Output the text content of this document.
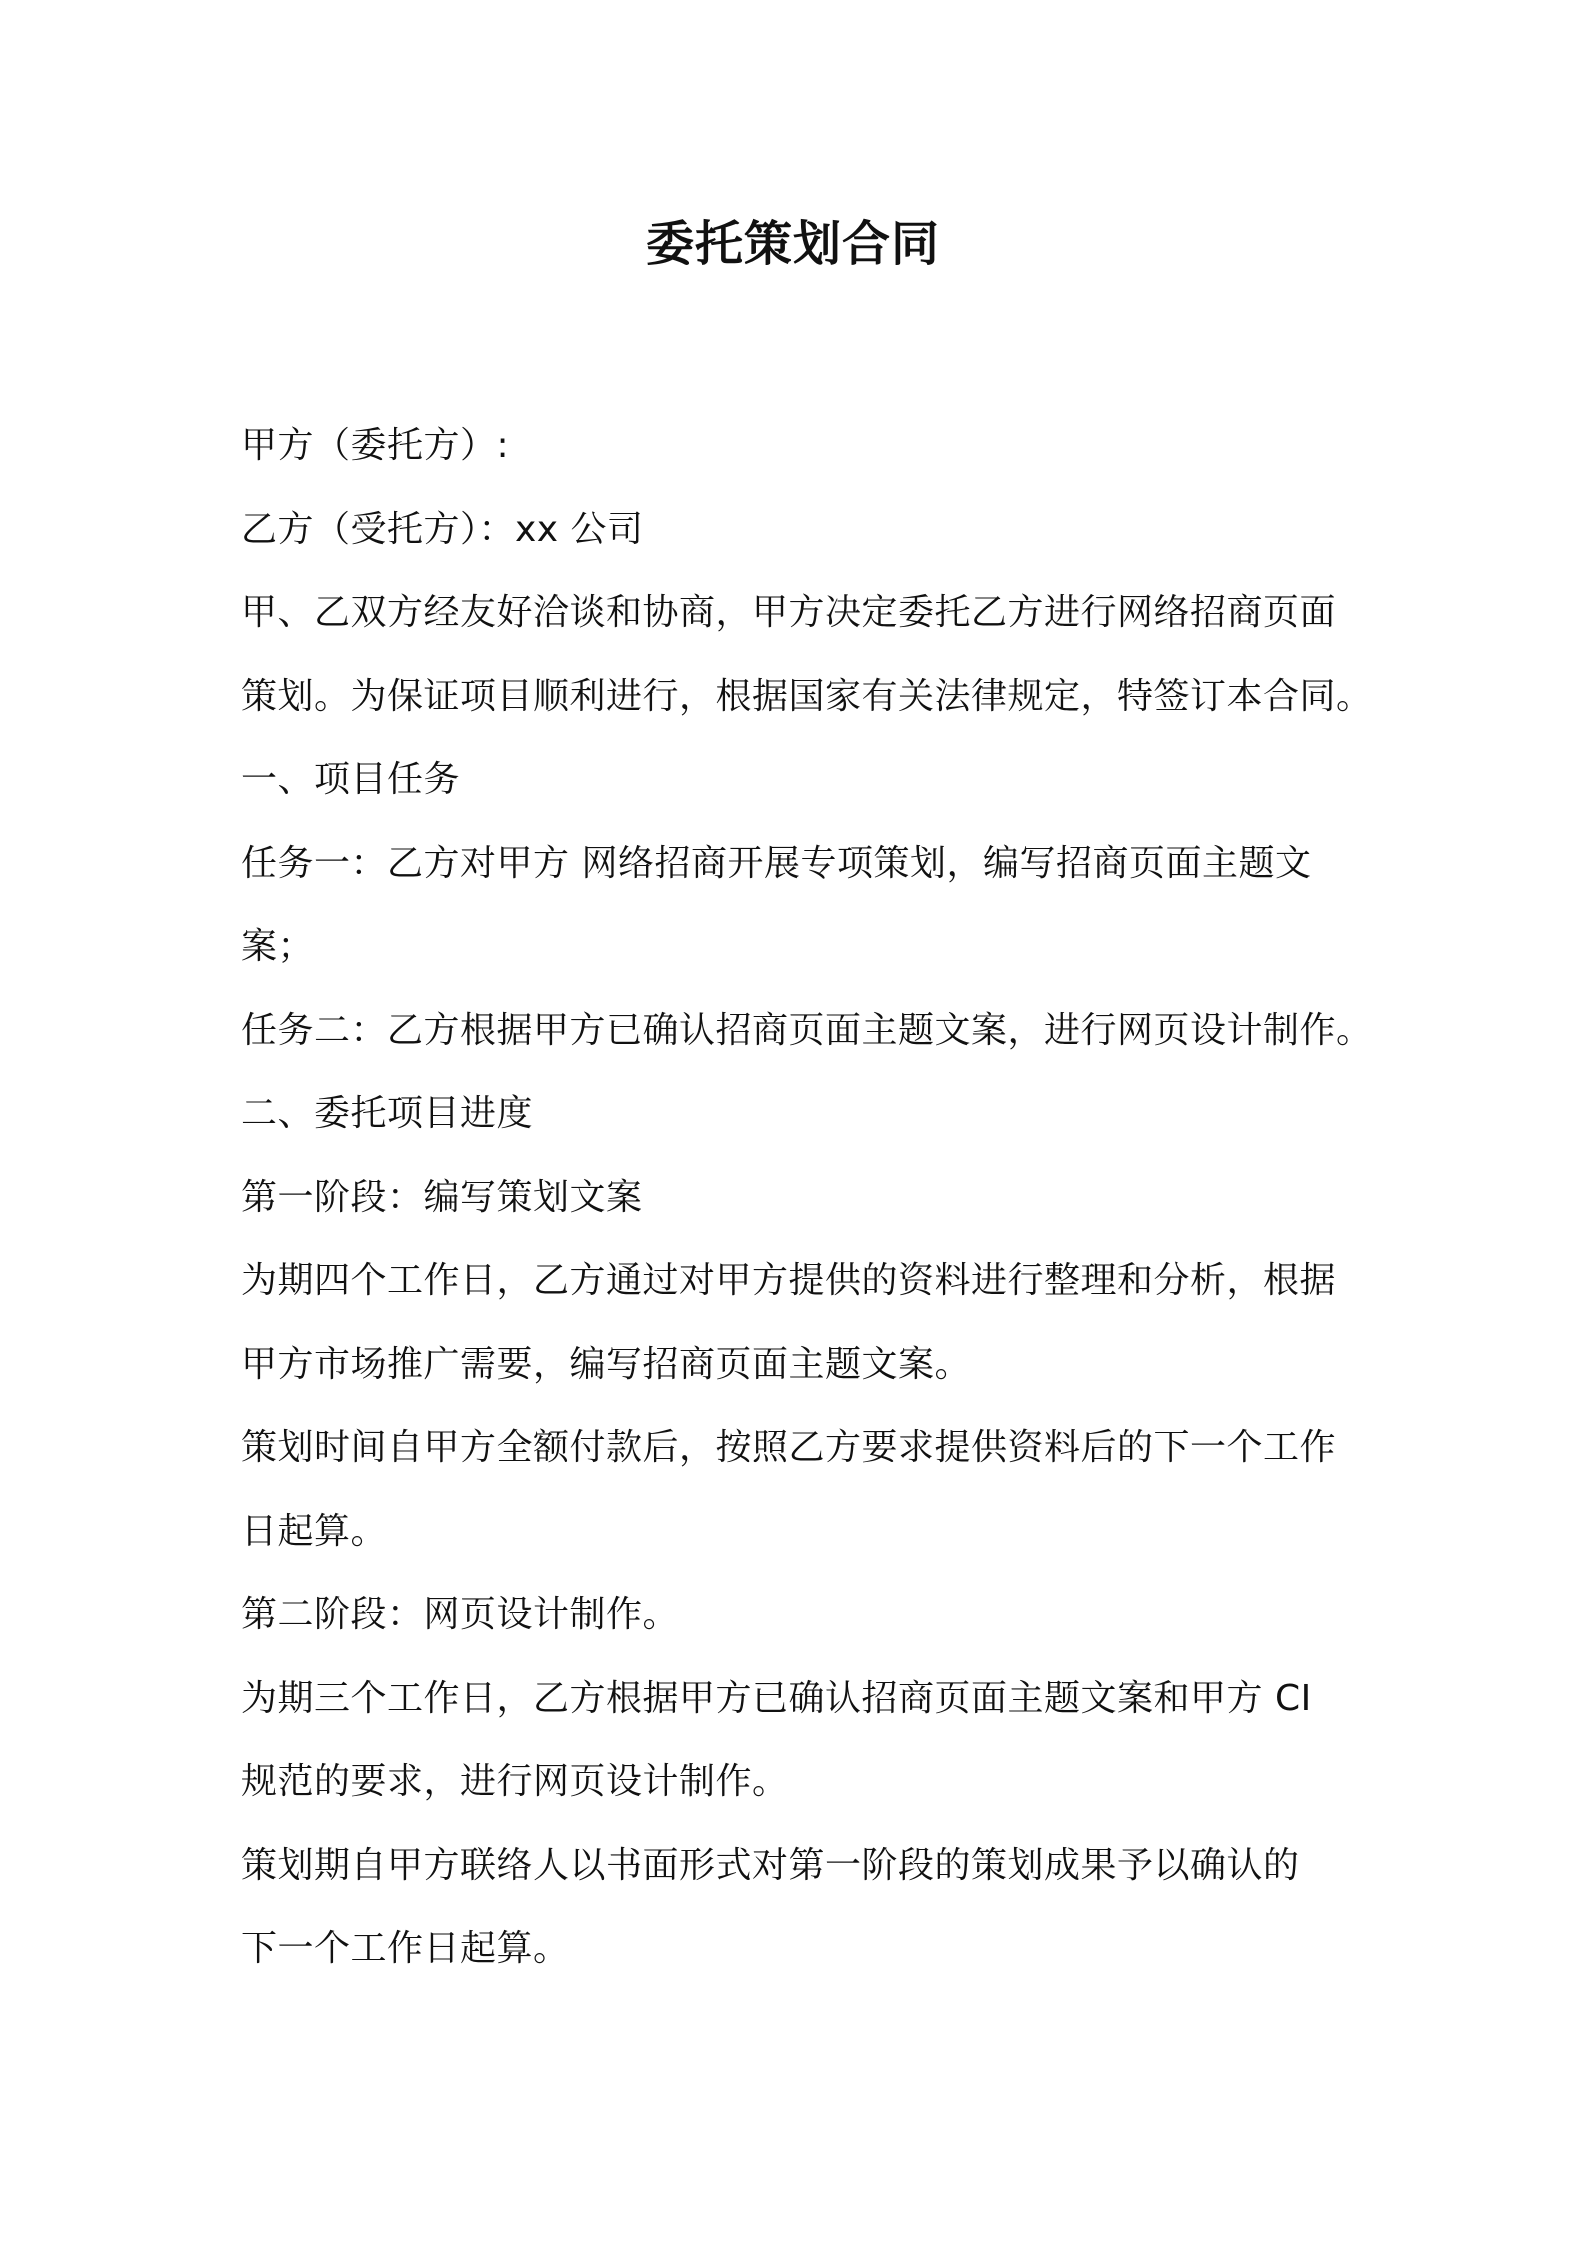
委托策划合同
甲方（委托方）:
乙方（受托方）：xx 公司
甲、乙双方经友好洽谈和协商，甲方决定委托乙方进行网络招商页面
策划。为保证项目顺利进行，根据国家有关法律规定，特签订本合同。
一、项目任务
任务一：乙方对甲方 网络招商开展专项策划，编写招商页面主题文
案；
任务二：乙方根据甲方已确认招商页面主题文案，进行网页设计制作。
二、委托项目进度
第一阶段：编写策划文案
为期四个工作日，乙方通过对甲方提供的资料进行整理和分析，根据
甲方市场推广需要，编写招商页面主题文案。
策划时间自甲方全额付款后，按照乙方要求提供资料后的下一个工作
日起算。
第二阶段：网页设计制作。
为期三个工作日，乙方根据甲方已确认招商页面主题文案和甲方 CI
规范的要求，进行网页设计制作。
策划期自甲方联络人以书面形式对第一阶段的策划成果予以确认的
下一个工作日起算。
